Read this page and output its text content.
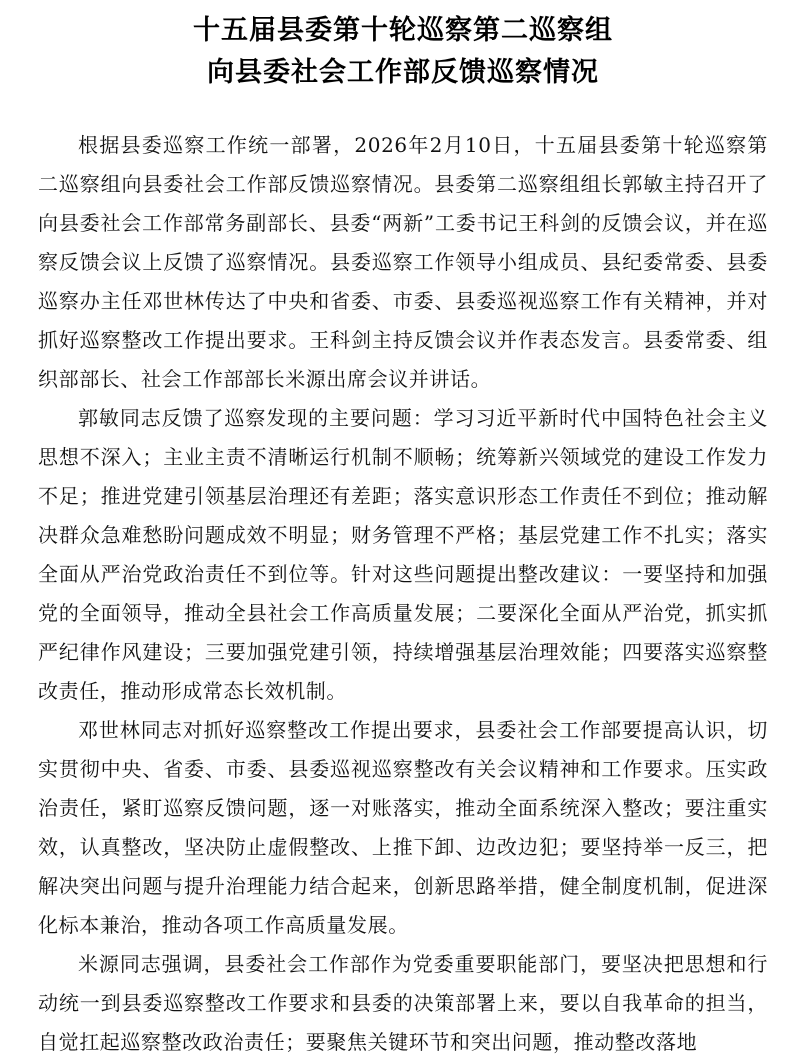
十五届县委第十轮巡察第二巡察组
向县委社会工作部反馈巡察情况

根据县委巡察工作统一部署，2026年2月10日，十五届县委第十轮巡察第二巡察组向县委社会工作部反馈巡察情况。县委第二巡察组组长郭敏主持召开了向县委社会工作部常务副部长、县委“两新”工委书记王科剑的反馈会议，并在巡察反馈会议上反馈了巡察情况。县委巡察工作领导小组成员、县纪委常委、县委巡察办主任邓世林传达了中央和省委、市委、县委巡视巡察工作有关精神，并对抓好巡察整改工作提出要求。王科剑主持反馈会议并作表态发言。县委常委、组织部部长、社会工作部部长米源出席会议并讲话。

郭敏同志反馈了巡察发现的主要问题：学习习近平新时代中国特色社会主义思想不深入；主业主责不清晰运行机制不顺畅；统筹新兴领域党的建设工作发力不足；推进党建引领基层治理还有差距；落实意识形态工作责任不到位；推动解决群众急难愁盼问题成效不明显；财务管理不严格；基层党建工作不扎实；落实全面从严治党政治责任不到位等。针对这些问题提出整改建议：一要坚持和加强党的全面领导，推动全县社会工作高质量发展；二要深化全面从严治党，抓实抓严纪律作风建设；三要加强党建引领，持续增强基层治理效能；四要落实巡察整改责任，推动形成常态长效机制。

邓世林同志对抓好巡察整改工作提出要求，县委社会工作部要提高认识，切实贯彻中央、省委、市委、县委巡视巡察整改有关会议精神和工作要求。压实政治责任，紧盯巡察反馈问题，逐一对账落实，推动全面系统深入整改；要注重实效，认真整改，坚决防止虚假整改、上推下卸、边改边犯；要坚持举一反三，把解决突出问题与提升治理能力结合起来，创新思路举措，健全制度机制，促进深化标本兼治，推动各项工作高质量发展。

米源同志强调，县委社会工作部作为党委重要职能部门，要坚决把思想和行动统一到县委巡察整改工作要求和县委的决策部署上来，要以自我革命的担当，自觉扛起巡察整改政治责任；要聚焦关键环节和突出问题，推动整改落地
